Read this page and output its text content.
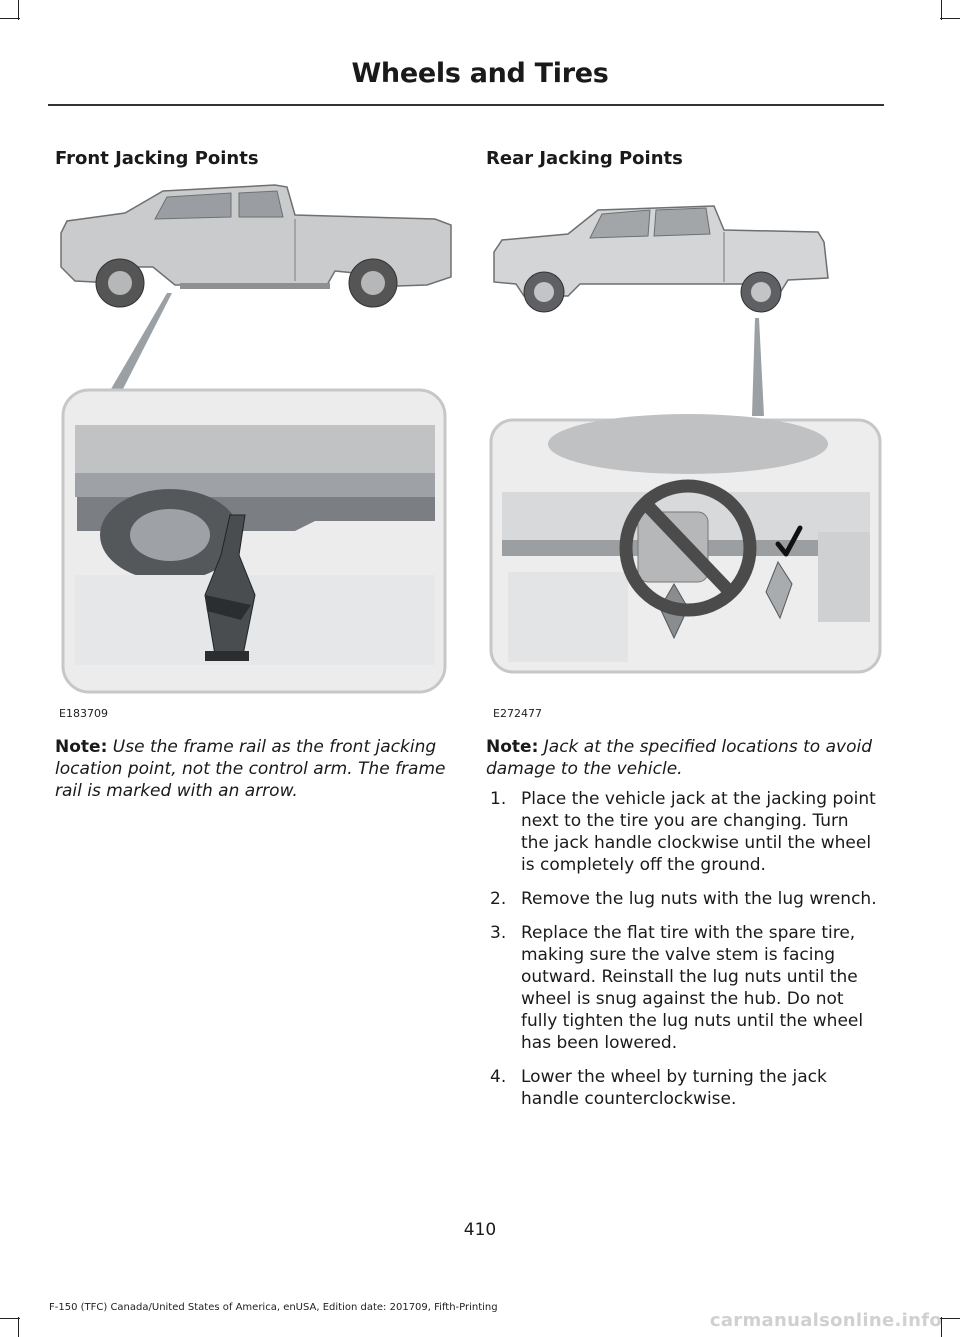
Wheels and Tires
Front Jacking Points
E183709
Note: Use the frame rail as the front jacking location point, not the control arm. The frame rail is marked with an arrow.
Rear Jacking Points
E272477
Note: Jack at the specified locations to avoid damage to the vehicle.
1. Place the vehicle jack at the jacking point next to the tire you are changing. Turn the jack handle clockwise until the wheel is completely off the ground.
2. Remove the lug nuts with the lug wrench.
3. Replace the flat tire with the spare tire, making sure the valve stem is facing outward. Reinstall the lug nuts until the wheel is snug against the hub. Do not fully tighten the lug nuts until the wheel has been lowered.
4. Lower the wheel by turning the jack handle counterclockwise.
410
F-150 (TFC) Canada/United States of America, enUSA, Edition date: 201709, Fifth-Printing
carmanualsonline.info
